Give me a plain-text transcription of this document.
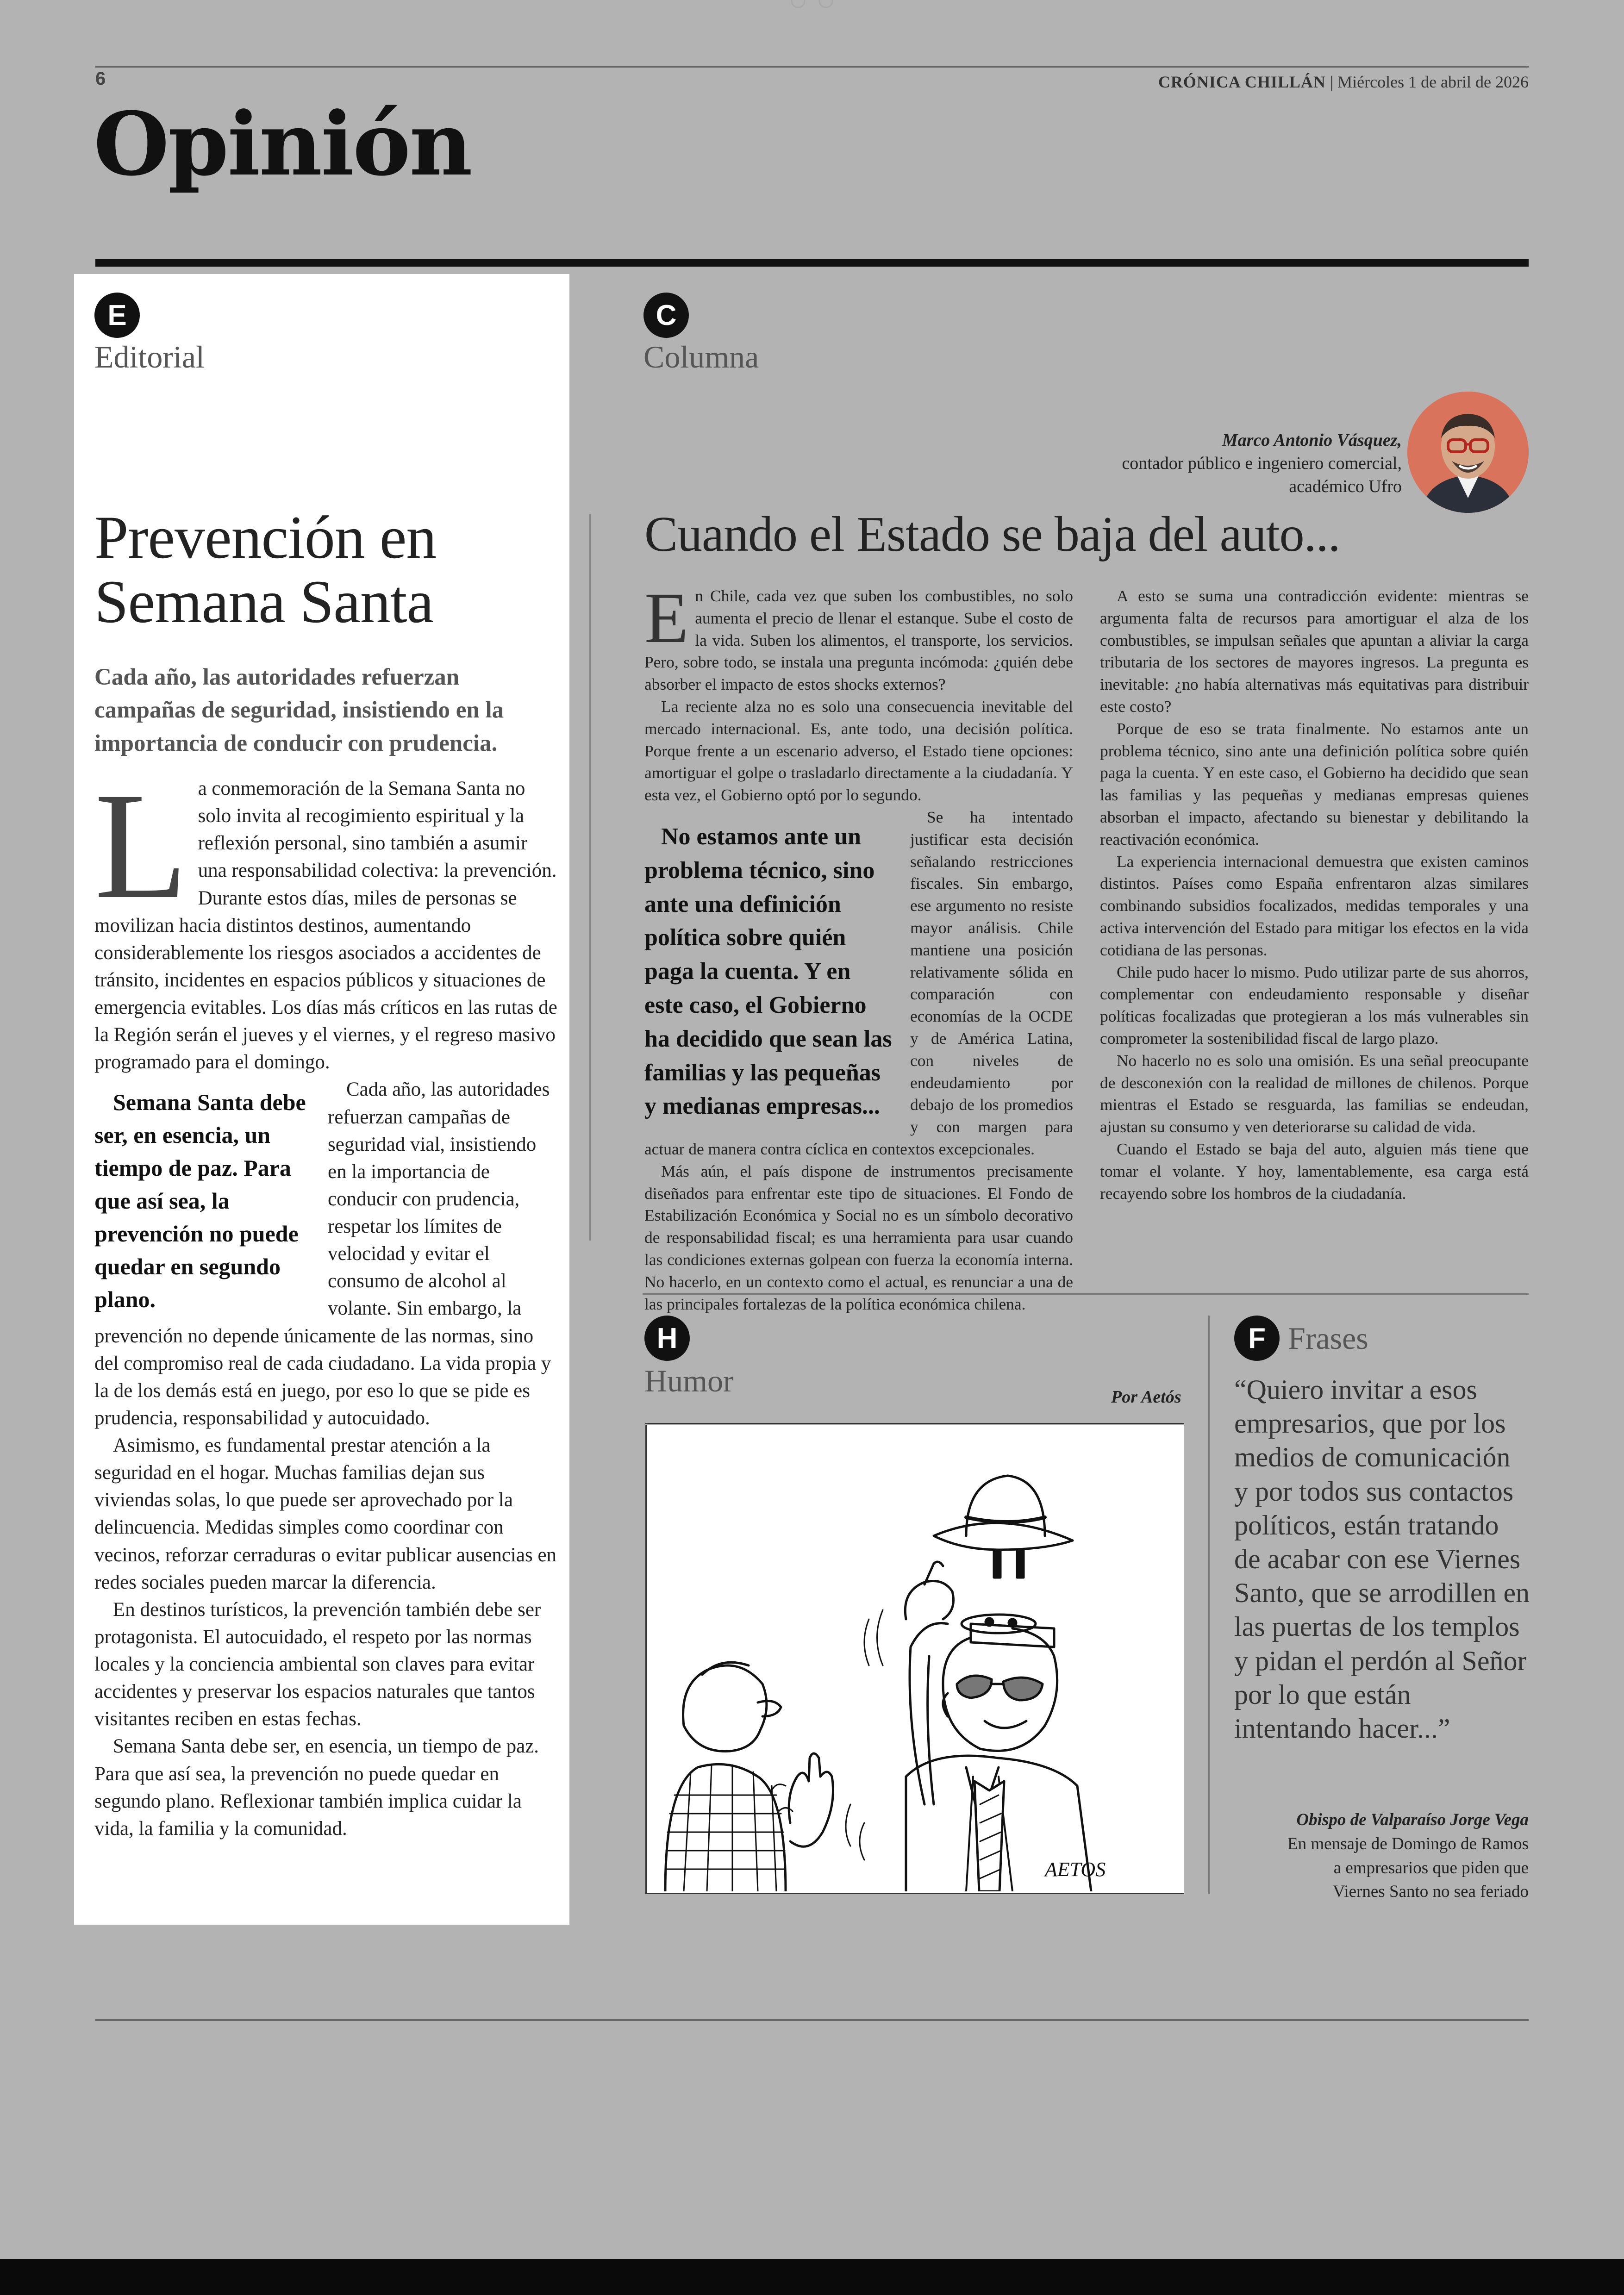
6	CRÓNICA CHILLÁN | Miércoles 1 de abril de 2026
Opinión
E
Editorial
Prevención en Semana Santa
Cada año, las autoridades refuerzan campañas de seguridad, insistiendo en la importancia de conducir con prudencia.

La conmemoración de la Semana Santa no solo invita al recogimiento espiritual y la reflexión personal, sino también a asumir una responsabilidad colectiva: la prevención. Durante estos días, miles de personas se movilizan hacia distintos destinos, aumentando considerablemente los riesgos asociados a accidentes de tránsito, incidentes en espacios públicos y situaciones de emergencia evitables. Los días más críticos en las rutas de la Región serán el jueves y el viernes, y el regreso masivo programado para el domingo.

Semana Santa debe ser, en esencia, un tiempo de paz. Para que así sea, la prevención no puede quedar en segundo plano.
Cada año, las autoridades refuerzan campañas de seguridad vial, insistiendo en la importancia de conducir con prudencia, respetar los límites de velocidad y evitar el consumo de alcohol al volante. Sin embargo, la prevención no depende únicamente de las normas, sino del compromiso real de cada ciudadano. La vida propia y la de los demás está en juego, por eso lo que se pide es prudencia, responsabilidad y autocuidado.

Asimismo, es fundamental prestar atención a la seguridad en el hogar. Muchas familias dejan sus viviendas solas, lo que puede ser aprovechado por la delincuencia. Medidas simples como coordinar con vecinos, reforzar cerraduras o evitar publicar ausencias en redes sociales pueden marcar la diferencia.

En destinos turísticos, la prevención también debe ser protagonista. El autocuidado, el respeto por las normas locales y la conciencia ambiental son claves para evitar accidentes y preservar los espacios naturales que tantos visitantes reciben en estas fechas.

Semana Santa debe ser, en esencia, un tiempo de paz. Para que así sea, la prevención no puede quedar en segundo plano. Reflexionar también implica cuidar la vida, la familia y la comunidad.

C
Columna
Marco Antonio Vásquez,
contador público e ingeniero comercial,
académico Ufro
Cuando el Estado se baja del auto...

En Chile, cada vez que suben los combustibles, no solo aumenta el precio de llenar el estanque. Sube el costo de la vida. Suben los alimentos, el transporte, los servicios. Pero, sobre todo, se instala una pregunta incómoda: ¿quién debe absorber el impacto de estos shocks externos?

La reciente alza no es solo una consecuencia inevitable del mercado internacional. Es, ante todo, una decisión política. Porque frente a un escenario adverso, el Estado tiene opciones: amortiguar el golpe o trasladarlo directamente a la ciudadanía. Y esta vez, el Gobierno optó por lo segundo.

No estamos ante un problema técnico, sino ante una definición política sobre quién paga la cuenta. Y en este caso, el Gobierno ha decidido que sean las familias y las pequeñas y medianas empresas...
Se ha intentado justificar esta decisión señalando restricciones fiscales. Sin embargo, ese argumento no resiste mayor análisis. Chile mantiene una posición relativamente sólida en comparación con economías de la OCDE y de América Latina, con niveles de endeudamiento por debajo de los promedios y con margen para actuar de manera contra cíclica en contextos excepcionales.

Más aún, el país dispone de instrumentos precisamente diseñados para enfrentar este tipo de situaciones. El Fondo de Estabilización Económica y Social no es un símbolo decorativo de responsabilidad fiscal; es una herramienta para usar cuando las condiciones externas golpean con fuerza la economía interna. No hacerlo, en un contexto como el actual, es renunciar a una de las principales fortalezas de la política económica chilena.

A esto se suma una contradicción evidente: mientras se argumenta falta de recursos para amortiguar el alza de los combustibles, se impulsan señales que apuntan a aliviar la carga tributaria de los sectores de mayores ingresos. La pregunta es inevitable: ¿no había alternativas más equitativas para distribuir este costo?

Porque de eso se trata finalmente. No estamos ante un problema técnico, sino ante una definición política sobre quién paga la cuenta. Y en este caso, el Gobierno ha decidido que sean las familias y las pequeñas y medianas empresas quienes absorban el impacto, afectando su bienestar y debilitando la reactivación económica.

La experiencia internacional demuestra que existen caminos distintos. Países como España enfrentaron alzas similares combinando subsidios focalizados, medidas temporales y una activa intervención del Estado para mitigar los efectos en la vida cotidiana de las personas.

Chile pudo hacer lo mismo. Pudo utilizar parte de sus ahorros, complementar con endeudamiento responsable y diseñar políticas focalizadas que protegieran a los más vulnerables sin comprometer la sostenibilidad fiscal de largo plazo.

No hacerlo no es solo una omisión. Es una señal preocupante de desconexión con la realidad de millones de chilenos. Porque mientras el Estado se resguarda, las familias se endeudan, ajustan su consumo y ven deteriorarse su calidad de vida.

Cuando el Estado se baja del auto, alguien más tiene que tomar el volante. Y hoy, lamentablemente, esa carga está recayendo sobre los hombros de la ciudadanía.

H
Humor	Por Aetós
AETOS
F Frases
“Quiero invitar a esos empresarios, que por los medios de comunicación y por todos sus contactos políticos, están tratando de acabar con ese Viernes Santo, que se arrodillen en las puertas de los templos y pidan el perdón al Señor por lo que están intentando hacer...”
Obispo de Valparaíso Jorge Vega
En mensaje de Domingo de Ramos
a empresarios que piden que
Viernes Santo no sea feriado
